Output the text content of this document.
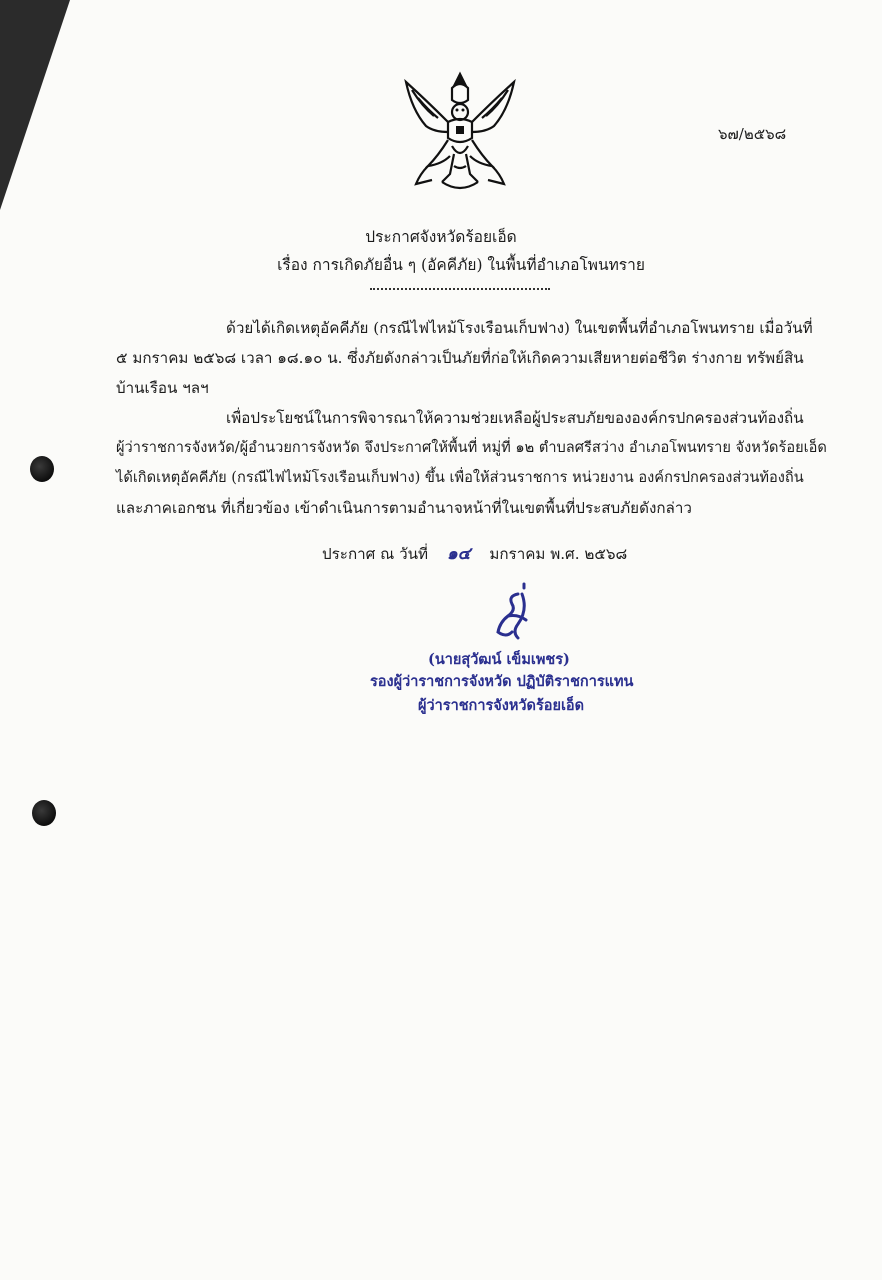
๖๗/๒๕๖๘
ประกาศจังหวัดร้อยเอ็ด
เรื่อง การเกิดภัยอื่น ๆ (อัคคีภัย) ในพื้นที่อำเภอโพนทราย
ด้วยได้เกิดเหตุอัคคีภัย (กรณีไฟไหม้โรงเรือนเก็บฟาง) ในเขตพื้นที่อำเภอโพนทราย เมื่อวันที่
๕ มกราคม ๒๕๖๘ เวลา ๑๘.๑๐ น. ซึ่งภัยดังกล่าวเป็นภัยที่ก่อให้เกิดความเสียหายต่อชีวิต ร่างกาย ทรัพย์สิน
บ้านเรือน ฯลฯ
เพื่อประโยชน์ในการพิจารณาให้ความช่วยเหลือผู้ประสบภัยขององค์กรปกครองส่วนท้องถิ่น
ผู้ว่าราชการจังหวัด/ผู้อำนวยการจังหวัด จึงประกาศให้พื้นที่ หมู่ที่ ๑๒ ตำบลศรีสว่าง อำเภอโพนทราย จังหวัดร้อยเอ็ด
ได้เกิดเหตุอัคคีภัย (กรณีไฟไหม้โรงเรือนเก็บฟาง) ขึ้น เพื่อให้ส่วนราชการ หน่วยงาน องค์กรปกครองส่วนท้องถิ่น
และภาคเอกชน ที่เกี่ยวข้อง เข้าดำเนินการตามอำนาจหน้าที่ในเขตพื้นที่ประสบภัยดังกล่าว
ประกาศ ณ วันที่ ๑๔ มกราคม พ.ศ. ๒๕๖๘
(นายสุวัฒน์ เข็มเพชร)
รองผู้ว่าราชการจังหวัด ปฏิบัติราชการแทน
ผู้ว่าราชการจังหวัดร้อยเอ็ด
